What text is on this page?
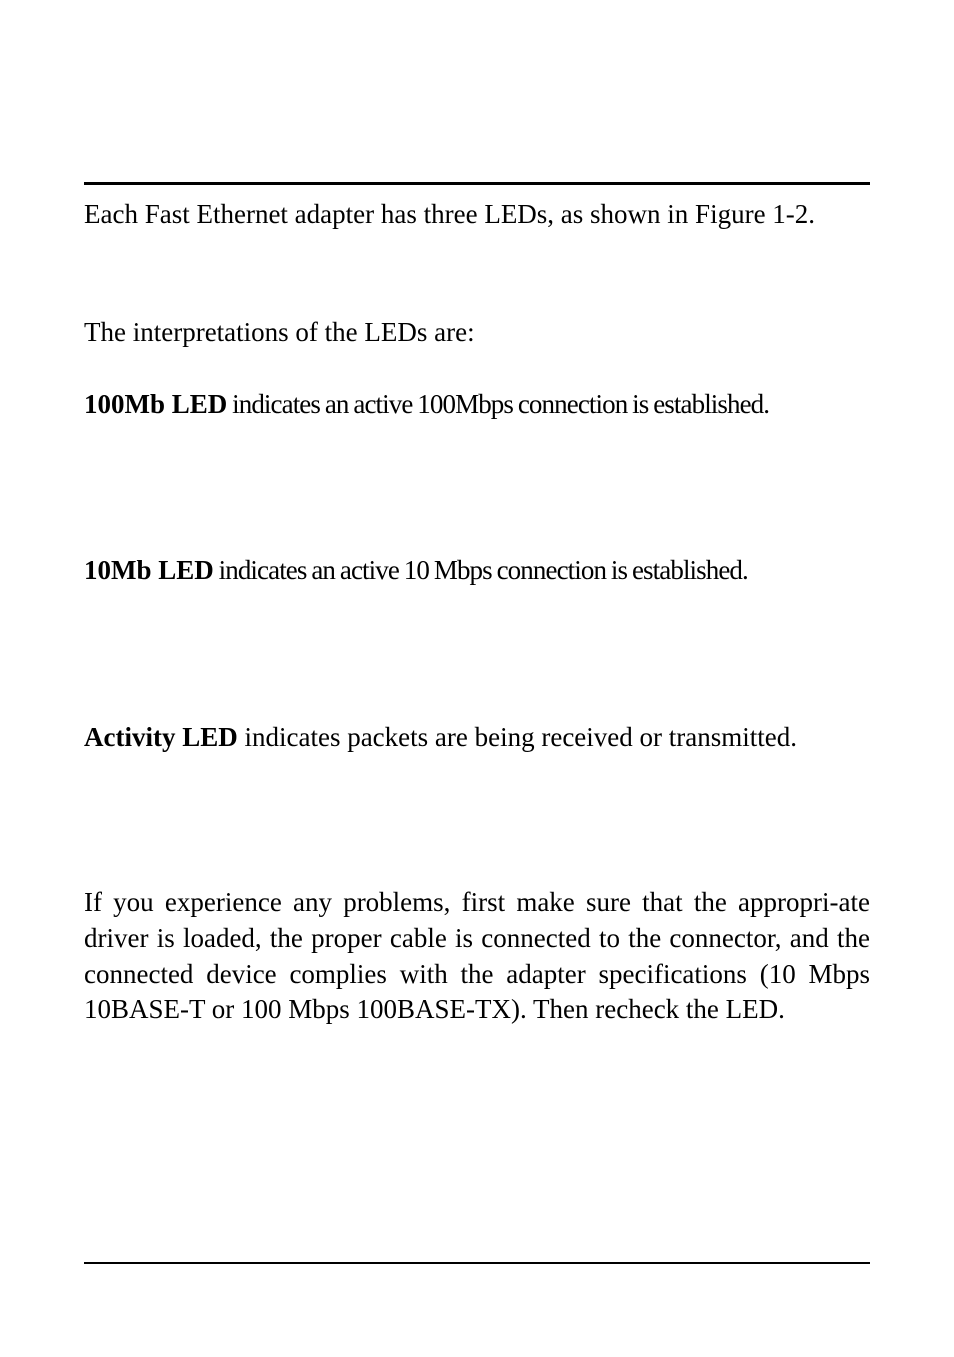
Each Fast Ethernet adapter has three LEDs, as shown in Figure 1-2.
The interpretations of the LEDs are:
100Mb LED indicates an active 100Mbps connection is established.
10Mb LED indicates an active 10 Mbps connection is established.
Activity LED indicates packets are being received or transmitted.
If you experience any problems, first make sure that the appropri-ate driver is loaded, the proper cable is connected to the connector, and the connected device complies with the adapter specifications (10 Mbps 10BASE-T or 100 Mbps 100BASE-TX). Then recheck the LED.
